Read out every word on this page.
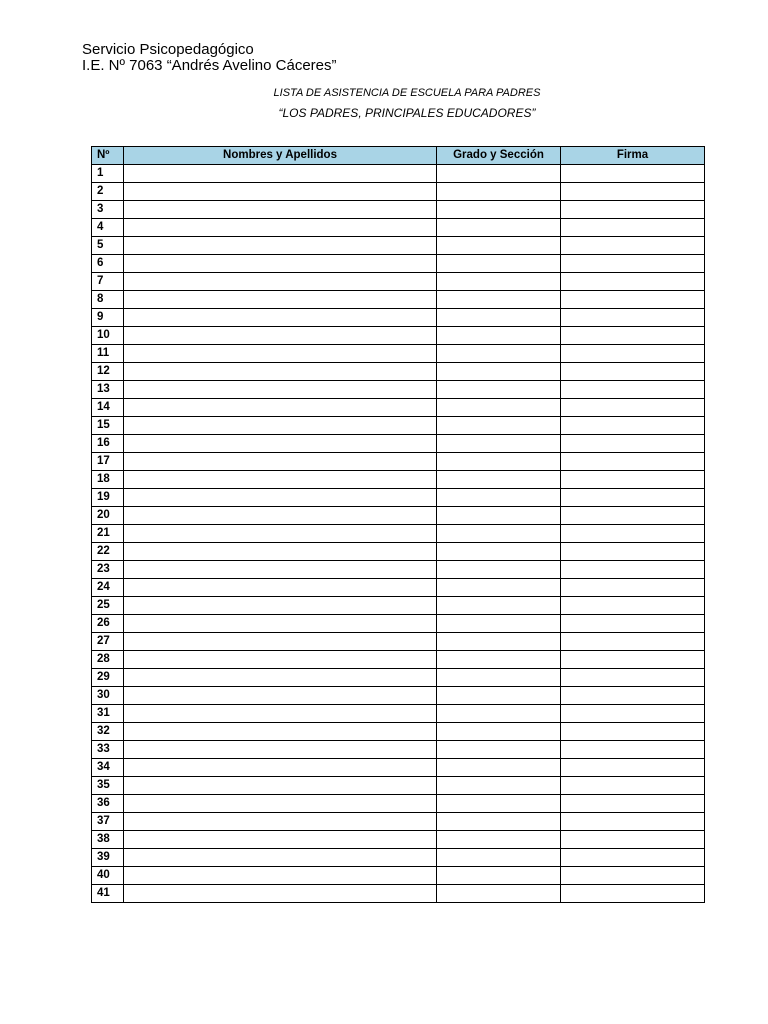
Servicio Psicopedagógico
I.E. Nº 7063 “Andrés Avelino Cáceres”
LISTA DE ASISTENCIA DE ESCUELA PARA PADRES
“LOS PADRES, PRINCIPALES EDUCADORES”
Nº	Nombres y Apellidos	Grado y Sección	Firma
1			
2			
3			
4			
5			
6			
7			
8			
9			
10			
11			
12			
13			
14			
15			
16			
17			
18			
19			
20			
21			
22			
23			
24			
25			
26			
27			
28			
29			
30			
31			
32			
33			
34			
35			
36			
37			
38			
39			
40			
41			
